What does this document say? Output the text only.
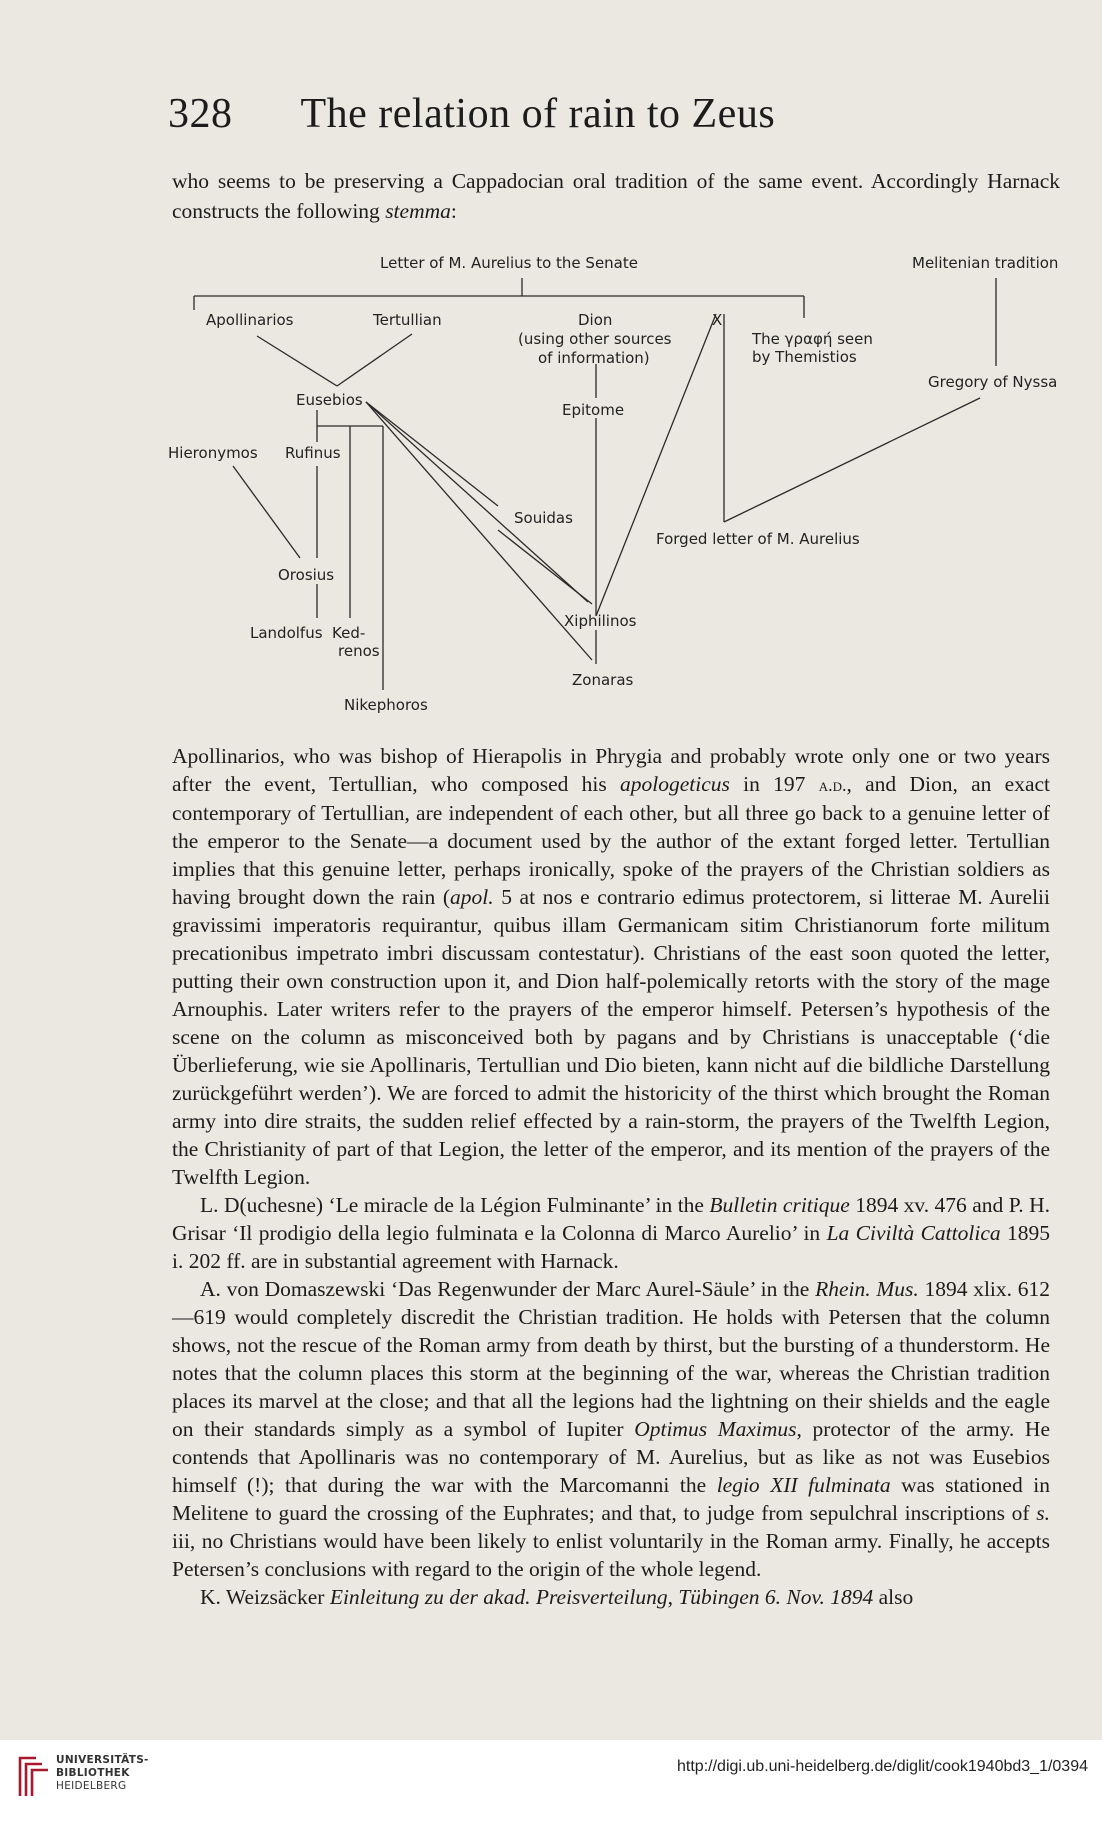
328 The relation of rain to Zeus
who seems to be preserving a Cappadocian oral tradition of the same event. Accordingly Harnack constructs the following stemma:
Letter of M. Aurelius to the Senate	Melitenian tradition
Apollinarios	Tertullian	Dion
(using other sources
of information)
X
The γραφή seen
by Themistios
Gregory of Nyssa
Eusebios
Epitome
Hieronymos Rufinus
Souidas
Forged letter of M. Aurelius
Orosius
Xiphilinos
Landolfus Ked-
renos
Zonaras
Nikephoros

Apollinarios, who was bishop of Hierapolis in Phrygia and probably wrote only one or two years after the event, Tertullian, who composed his apologeticus in 197 a.d., and Dion, an exact contemporary of Tertullian, are independent of each other, but all three go back to a genuine letter of the emperor to the Senate—a document used by the author of the extant forged letter. Tertullian implies that this genuine letter, perhaps ironically, spoke of the prayers of the Christian soldiers as having brought down the rain (apol. 5 at nos e contrario edimus protectorem, si litterae M. Aurelii gravissimi imperatoris requirantur, quibus illam Germanicam sitim Christianorum forte militum precationibus impetrato imbri discussam contestatur). Christians of the east soon quoted the letter, putting their own construction upon it, and Dion half-polemically retorts with the story of the mage Arnouphis. Later writers refer to the prayers of the emperor himself. Petersen’s hypothesis of the scene on the column as misconceived both by pagans and by Christians is unacceptable (‘die Überlieferung, wie sie Apollinaris, Tertullian und Dio bieten, kann nicht auf die bildliche Darstellung zurückgeführt werden’). We are forced to admit the historicity of the thirst which brought the Roman army into dire straits, the sudden relief effected by a rain-storm, the prayers of the Twelfth Legion, the Christianity of part of that Legion, the letter of the emperor, and its mention of the prayers of the Twelfth Legion.

L. D(uchesne) ‘Le miracle de la Légion Fulminante’ in the Bulletin critique 1894 xv. 476 and P. H. Grisar ‘Il prodigio della legio fulminata e la Colonna di Marco Aurelio’ in La Civiltà Cattolica 1895 i. 202 ff. are in substantial agreement with Harnack.

A. von Domaszewski ‘Das Regenwunder der Marc Aurel-Säule’ in the Rhein. Mus. 1894 xlix. 612—619 would completely discredit the Christian tradition. He holds with Petersen that the column shows, not the rescue of the Roman army from death by thirst, but the bursting of a thunderstorm. He notes that the column places this storm at the beginning of the war, whereas the Christian tradition places its marvel at the close; and that all the legions had the lightning on their shields and the eagle on their standards simply as a symbol of Iupiter Optimus Maximus, protector of the army. He contends that Apollinaris was no contemporary of M. Aurelius, but as like as not was Eusebios himself (!); that during the war with the Marcomanni the legio XII fulminata was stationed in Melitene to guard the crossing of the Euphrates; and that, to judge from sepulchral inscriptions of s. iii, no Christians would have been likely to enlist voluntarily in the Roman army. Finally, he accepts Petersen’s conclusions with regard to the origin of the whole legend.

K. Weizsäcker Einleitung zu der akad. Preisverteilung, Tübingen 6. Nov. 1894 also

UNIVERSITÄTS-
BIBLIOTHEK
HEIDELBERG
http://digi.ub.uni-heidelberg.de/diglit/cook1940bd3_1/0394
